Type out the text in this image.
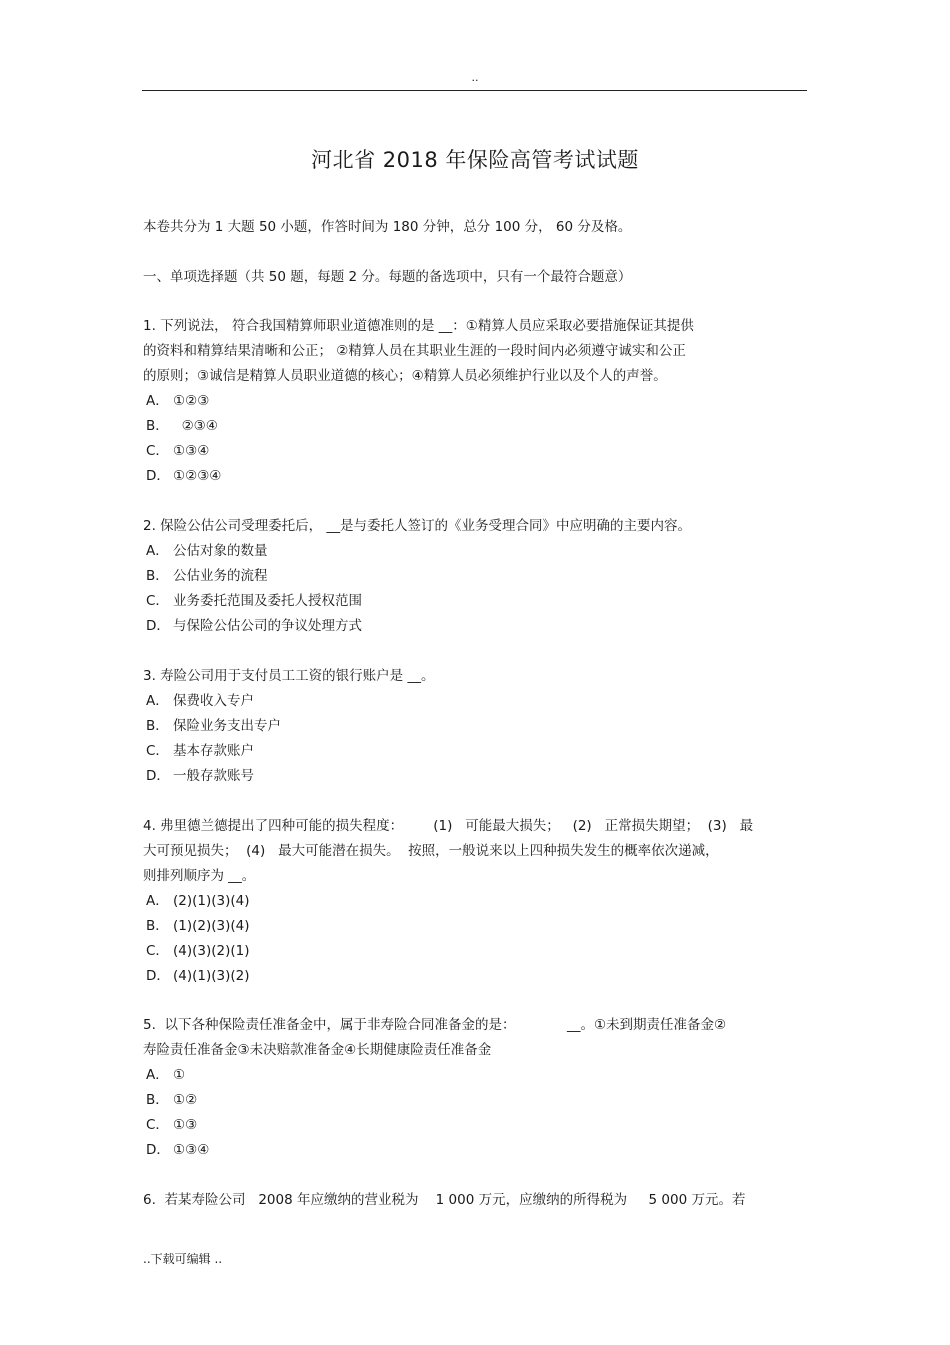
..
河北省 2018 年保险高管考试试题
本卷共分为 1 大题 50 小题，作答时间为 180 分钟，总分 100 分， 60 分及格。
一、单项选择题（共 50 题，每题 2 分。每题的备选项中，只有一个最符合题意）
1. 下列说法， 符合我国精算师职业道德准则的是 __：①精算人员应采取必要措施保证其提供
的资料和精算结果清晰和公正； ②精算人员在其职业生涯的一段时间内必须遵守诚实和公正
的原则；③诚信是精算人员职业道德的核心；④精算人员必须维护行业以及个人的声誉。
A． ①②③
B．  ②③④
C． ①③④
D． ①②③④
2. 保险公估公司受理委托后， __是与委托人签订的《业务受理合同》中应明确的主要内容。
A． 公估对象的数量
B． 公估业务的流程
C． 业务委托范围及委托人授权范围
D． 与保险公估公司的争议处理方式
3. 寿险公司用于支付员工工资的银行账户是 __。
A． 保费收入专户
B． 保险业务支出专户
C． 基本存款账户
D． 一般存款账号
4. 弗里德兰德提出了四种可能的损失程度：       (1)   可能最大损失；   (2)   正常损失期望；  (3)   最
大可预见损失；  (4)   最大可能潜在损失。  按照，一般说来以上四种损失发生的概率依次递减，
则排列顺序为 __。
A． (2)(1)(3)(4)
B． (1)(2)(3)(4)
C． (4)(3)(2)(1)
D． (4)(1)(3)(2)
5.  以下各种保险责任准备金中，属于非寿险合同准备金的是：            __。①未到期责任准备金②
寿险责任准备金③未决赔款准备金④长期健康险责任准备金
A． ①
B． ①②
C． ①③
D． ①③④
6.  若某寿险公司   2008 年应缴纳的营业税为    1 000 万元，应缴纳的所得税为     5 000 万元。若
..下载可编辑 ..
